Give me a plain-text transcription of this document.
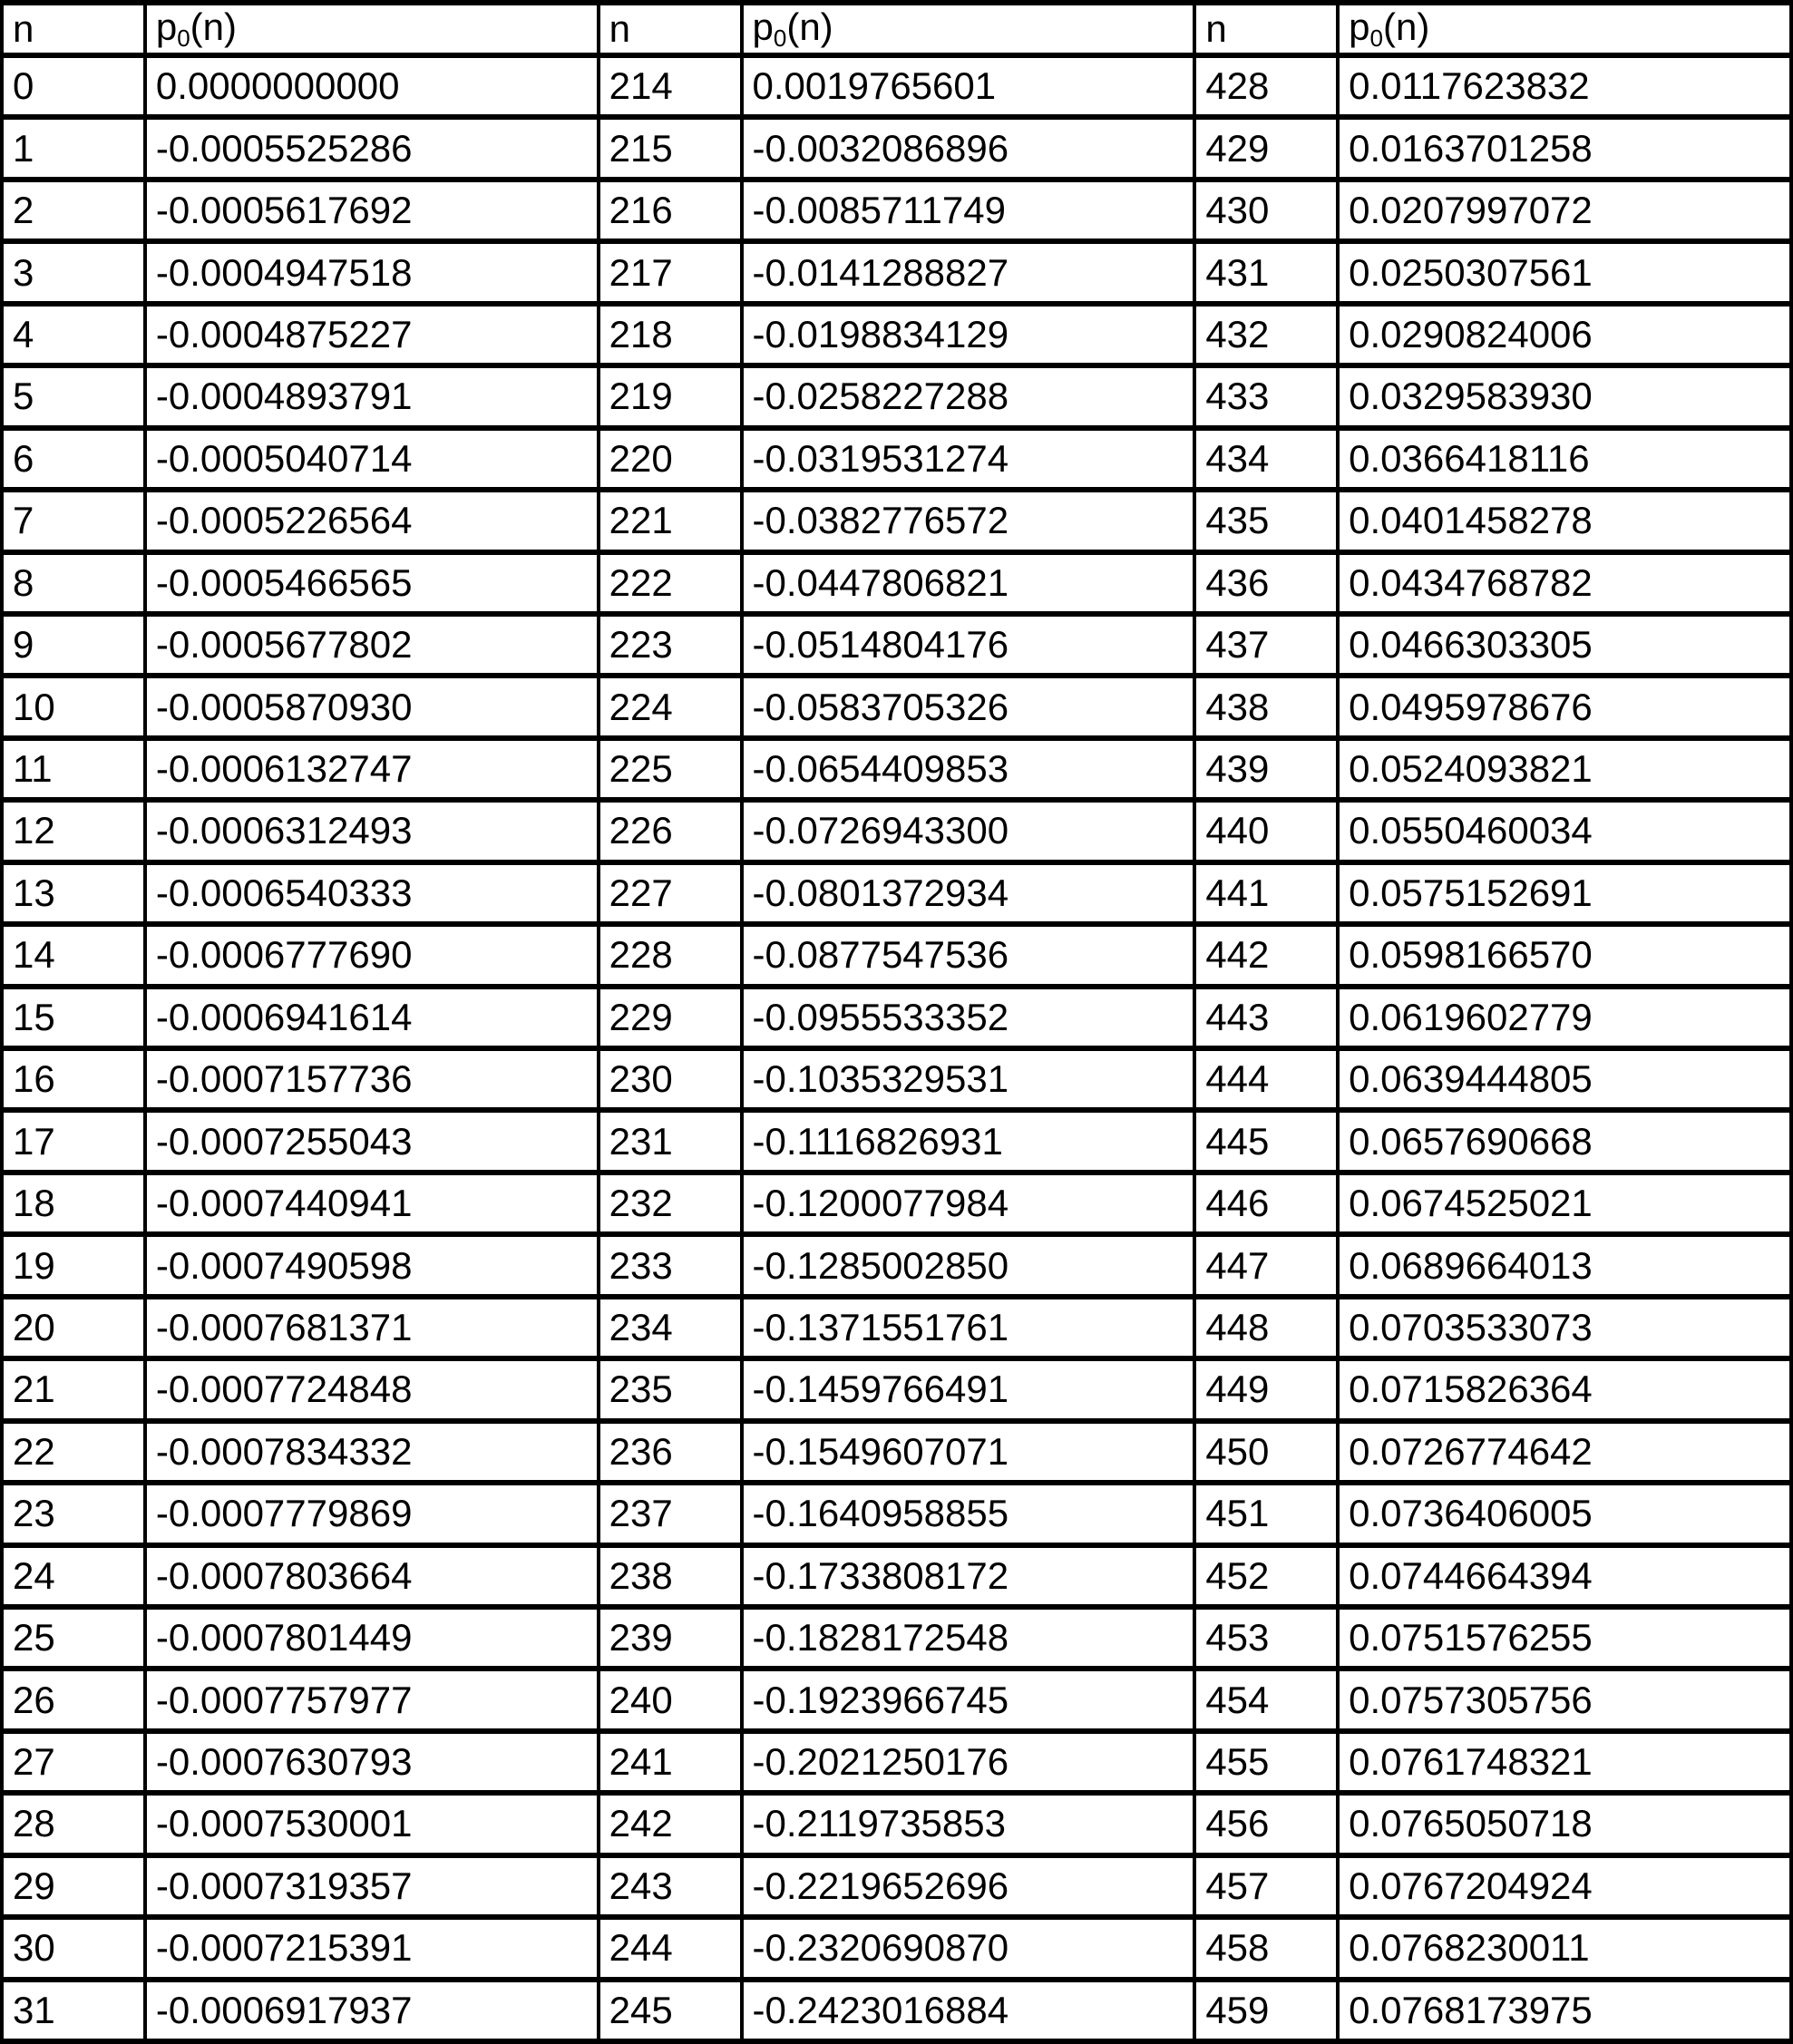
n	$p_0(n)$	n	$p_0(n)$	n	$p_0(n)$
0	0.0000000000	214	0.0019765601	428	0.0117623832
1	-0.0005525286	215	-0.0032086896	429	0.0163701258
2	-0.0005617692	216	-0.0085711749	430	0.0207997072
3	-0.0004947518	217	-0.0141288827	431	0.0250307561
4	-0.0004875227	218	-0.0198834129	432	0.0290824006
5	-0.0004893791	219	-0.0258227288	433	0.0329583930
6	-0.0005040714	220	-0.0319531274	434	0.0366418116
7	-0.0005226564	221	-0.0382776572	435	0.0401458278
8	-0.0005466565	222	-0.0447806821	436	0.0434768782
9	-0.0005677802	223	-0.0514804176	437	0.0466303305
10	-0.0005870930	224	-0.0583705326	438	0.0495978676
11	-0.0006132747	225	-0.0654409853	439	0.0524093821
12	-0.0006312493	226	-0.0726943300	440	0.0550460034
13	-0.0006540333	227	-0.0801372934	441	0.0575152691
14	-0.0006777690	228	-0.0877547536	442	0.0598166570
15	-0.0006941614	229	-0.0955533352	443	0.0619602779
16	-0.0007157736	230	-0.1035329531	444	0.0639444805
17	-0.0007255043	231	-0.1116826931	445	0.0657690668
18	-0.0007440941	232	-0.1200077984	446	0.0674525021
19	-0.0007490598	233	-0.1285002850	447	0.0689664013
20	-0.0007681371	234	-0.1371551761	448	0.0703533073
21	-0.0007724848	235	-0.1459766491	449	0.0715826364
22	-0.0007834332	236	-0.1549607071	450	0.0726774642
23	-0.0007779869	237	-0.1640958855	451	0.0736406005
24	-0.0007803664	238	-0.1733808172	452	0.0744664394
25	-0.0007801449	239	-0.1828172548	453	0.0751576255
26	-0.0007757977	240	-0.1923966745	454	0.0757305756
27	-0.0007630793	241	-0.2021250176	455	0.0761748321
28	-0.0007530001	242	-0.2119735853	456	0.0765050718
29	-0.0007319357	243	-0.2219652696	457	0.0767204924
30	-0.0007215391	244	-0.2320690870	458	0.0768230011
31	-0.0006917937	245	-0.2423016884	459	0.0768173975
